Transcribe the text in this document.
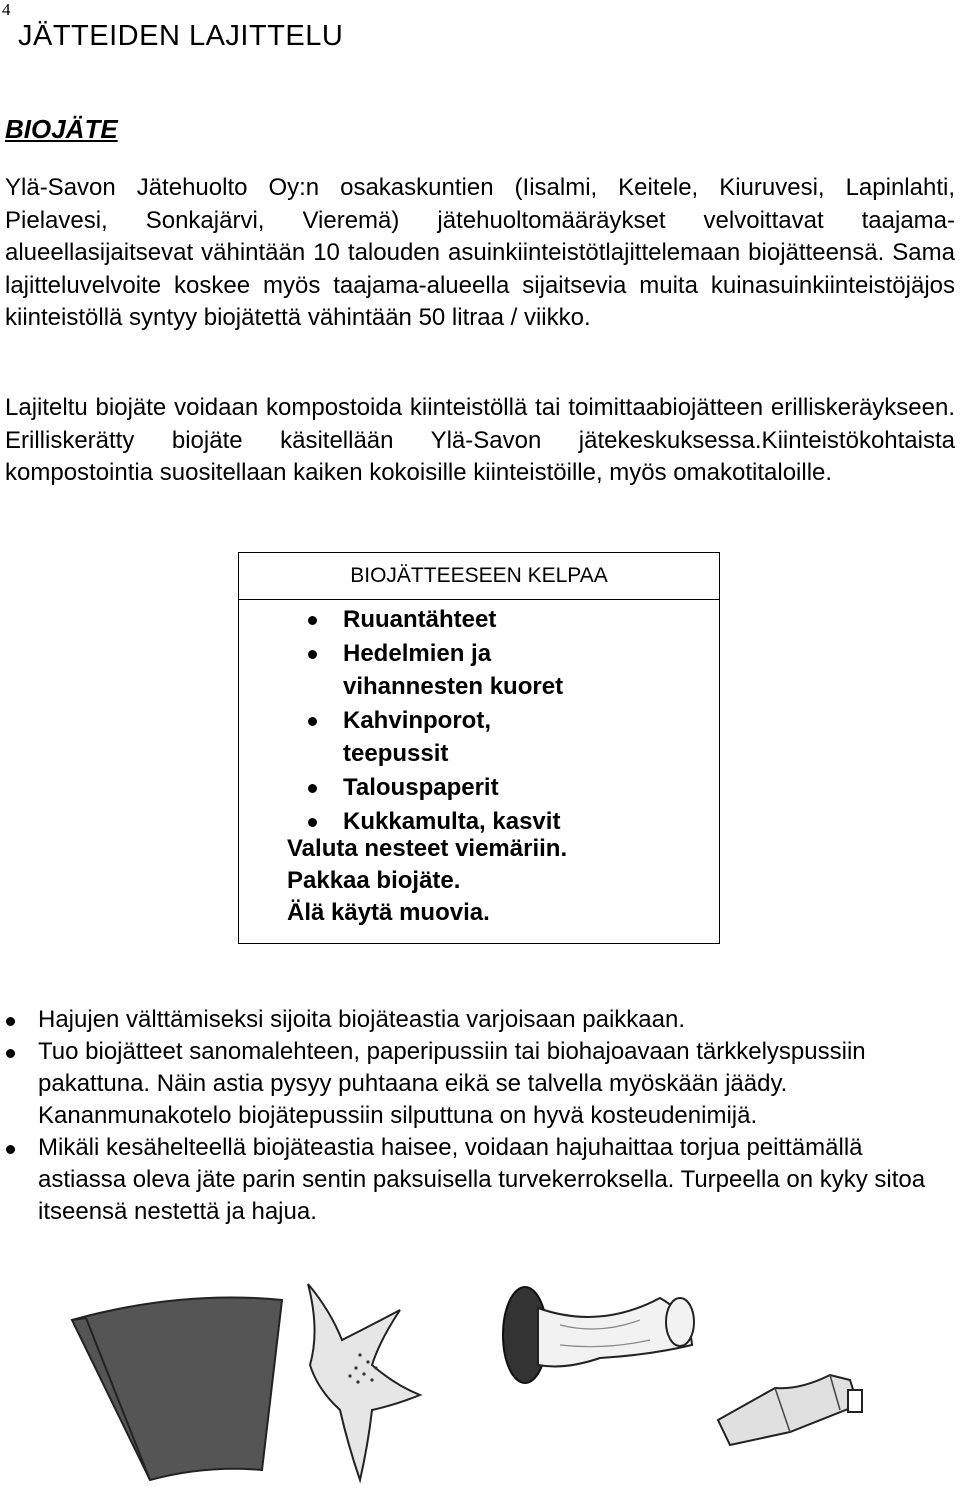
4
JÄTTEIDEN LAJITTELU
BIOJÄTE

Ylä-Savon Jätehuolto Oy:n osakaskuntien (Iisalmi, Keitele, Kiuruvesi, Lapinlahti, Pielavesi, Sonkajärvi, Vieremä) jätehuoltomääräykset velvoittavat taajama-alueellasijaitsevat vähintään 10 talouden asuinkiinteistötlajittelemaan biojätteensä. Sama lajitteluvelvoite koskee myös taajama-alueella sijaitsevia muita kuinasuinkiinteistöjäjos kiinteistöllä syntyy biojätettä vähintään 50 litraa / viikko.

Lajiteltu biojäte voidaan kompostoida kiinteistöllä tai toimittaabiojätteen erilliskeräykseen. Erilliskerätty biojäte käsitellään Ylä-Savon jätekeskuksessa.Kiinteistökohtaista kompostointia suositellaan kaiken kokoisille kiinteistöille, myös omakotitaloille.

BIOJÄTTEESEEN KELPAA
Ruuantähteet
Hedelmien ja vihannesten kuoret
Kahvinporot, teepussit
Talouspaperit
Kukkamulta, kasvit

Valuta nesteet viemäriin.

Pakkaa biojäte.

Älä käytä muovia.

Hajujen välttämiseksi sijoita biojäteastia varjoisaan paikkaan.
Tuo biojätteet sanomalehteen, paperipussiin tai biohajoavaan tärkkelyspussiin pakattuna. Näin astia pysyy puhtaana eikä se talvella myöskään jäädy. Kananmunakotelo biojätepussiin silputtuna on hyvä kosteudenimijä.
Mikäli kesähelteellä biojäteastia haisee, voidaan hajuhaittaa torjua peittämällä astiassa oleva jäte parin sentin paksuisella turvekerroksella. Turpeella on kyky sitoa itseensä nestettä ja hajua.
